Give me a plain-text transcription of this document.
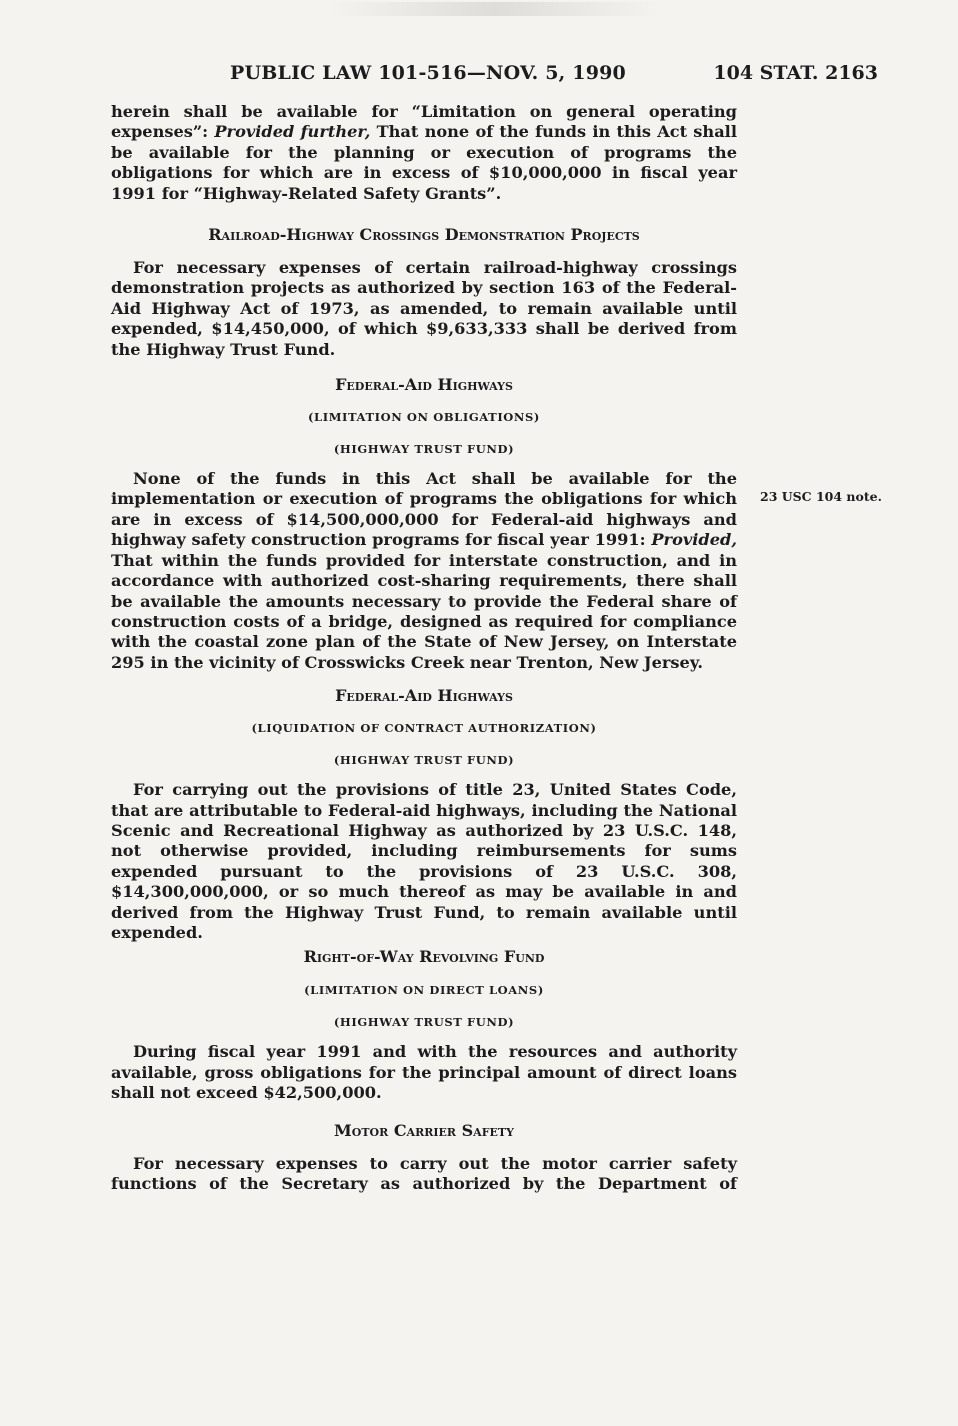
PUBLIC LAW 101-516—NOV. 5, 1990	104 STAT. 2163
23 USC 104 note.

herein shall be available for “Limitation on general operating expenses”: Provided further, That none of the funds in this Act shall be available for the planning or execution of programs the obligations for which are in excess of $10,000,000 in fiscal year 1991 for “Highway-Related Safety Grants”.

Railroad-Highway Crossings Demonstration Projects

For necessary expenses of certain railroad-highway crossings demonstration projects as authorized by section 163 of the Federal-Aid Highway Act of 1973, as amended, to remain available until expended, $14,450,000, of which $9,633,333 shall be derived from the Highway Trust Fund.

Federal-Aid Highways
(LIMITATION ON OBLIGATIONS)
(HIGHWAY TRUST FUND)

None of the funds in this Act shall be available for the implementation or execution of programs the obligations for which are in excess of $14,500,000,000 for Federal-aid highways and highway safety construction programs for fiscal year 1991: Provided, That within the funds provided for interstate construction, and in accordance with authorized cost-sharing requirements, there shall be available the amounts necessary to provide the Federal share of construction costs of a bridge, designed as required for compliance with the coastal zone plan of the State of New Jersey, on Interstate 295 in the vicinity of Crosswicks Creek near Trenton, New Jersey.

Federal-Aid Highways
(LIQUIDATION OF CONTRACT AUTHORIZATION)
(HIGHWAY TRUST FUND)

For carrying out the provisions of title 23, United States Code, that are attributable to Federal-aid highways, including the National Scenic and Recreational Highway as authorized by 23 U.S.C. 148, not otherwise provided, including reimbursements for sums expended pursuant to the provisions of 23 U.S.C. 308, $14,300,000,000, or so much thereof as may be available in and derived from the Highway Trust Fund, to remain available until expended.

Right-of-Way Revolving Fund
(LIMITATION ON DIRECT LOANS)
(HIGHWAY TRUST FUND)

During fiscal year 1991 and with the resources and authority available, gross obligations for the principal amount of direct loans shall not exceed $42,500,000.

Motor Carrier Safety

For necessary expenses to carry out the motor carrier safety functions of the Secretary as authorized by the Department of
